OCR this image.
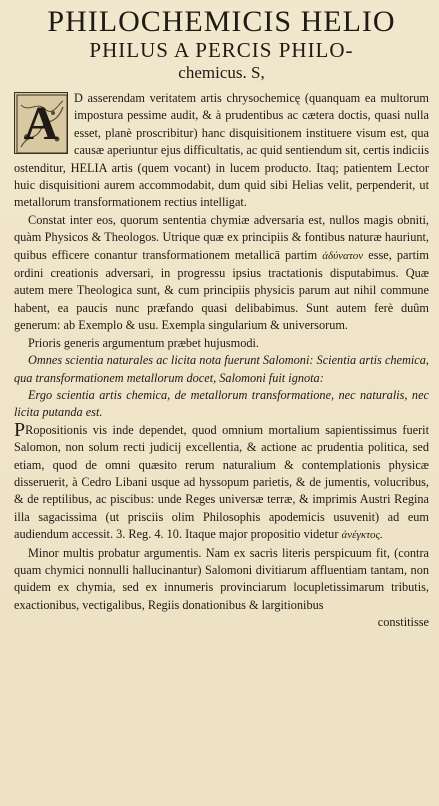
PHILOCHEMICIS HELIO
PHILUS A PERCIS PHILO-
chemicus. S,
A	D asserendam veritatem artis chrysochemicę (quanquam ea multorum impostura pessime audit, & à prudentibus ac cætera doctis, quasi nulla esset, planè proscribitur) hanc disquisitionem instituere visum est, qua causæ aperiuntur ejus difficultatis, ac quid sentiendum sit, certis indiciis ostenditur, HELIA artis (quem vocant) in lucem producto. Itaq; patientem Lector huic disquisitioni aurem accommodabit, dum quid sibi Helias velit, perpenderit, ut metallorum transformationem rectius intelligat.

Constat inter eos, quorum sententia chymiæ adversaria est, nullos magis obniti, quàm Physicos & Theologos. Utrique quæ ex principiis & fontibus naturæ hauriunt, quibus efficere conantur transformationem metallicā partim ἀδύνατον esse, partim ordini creationis adversari, in progressu ipsius tractationis disputabimus. Quæ autem mere Theologica sunt, & cum principiis physicis parum aut nihil commune habent, ea paucis nunc præfando quasi delibabimus. Sunt autem ferè duûm generum: ab Exemplo & usu. Exempla singularium & universorum.

Prioris generis argumentum præbet hujusmodi.

Omnes scientia naturales ac licita nota fuerunt Salomoni: Scientia artis chemica, qua transformationem metallorum docet, Salomoni fuit ignota:

Ergo scientia artis chemica, de metallorum transformatione, nec naturalis, nec licita putanda est.

PRopositionis vis inde dependet, quod omnium mortalium sapientissimus fuerit Salomon, non solum recti judicij excellentia, & actione ac prudentia politica, sed etiam, quod de omni quæsito rerum naturalium & contemplationis physicæ disseruerit, à Cedro Libani usque ad hyssopum parietis, & de jumentis, volucribus, & de reptilibus, ac piscibus: unde Reges universæ terræ, & imprimis Austri Regina illa sagacissima (ut prisciis olim Philosophis apodemicis usuvenit) ad eum audiendum accessit. 3. Reg. 4. 10. Itaque major propositio videtur ἀνέγκτος.

Minor multis probatur argumentis. Nam ex sacris literis perspicuum fit, (contra quam chymici nonnulli hallucinantur) Salomoni divitiarum affluentiam tantam, non quidem ex chymia, sed ex innumeris provinciarum locupletissimarum tributis, exactionibus, vectigalibus, Regiis donationibus & largitionibus

constitisse
